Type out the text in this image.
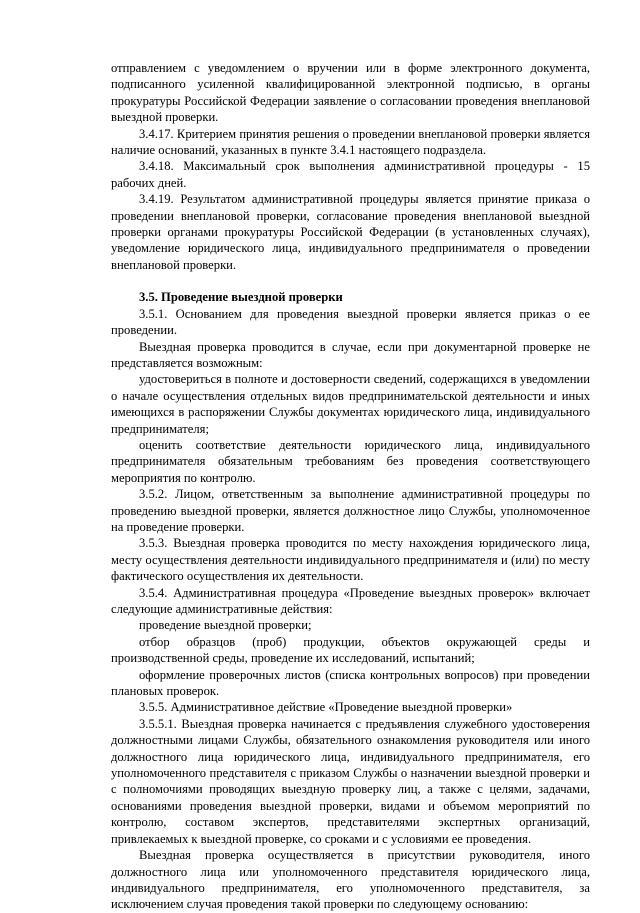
отправлением с уведомлением о вручении или в форме электронного документа, подписанного усиленной квалифицированной электронной подписью, в органы прокуратуры Российской Федерации заявление о согласовании проведения внеплановой выездной проверки.

3.4.17. Критерием принятия решения о проведении внеплановой проверки является наличие оснований, указанных в пункте 3.4.1 настоящего подраздела.

3.4.18. Максимальный срок выполнения административной процедуры - 15 рабочих дней.

3.4.19. Результатом административной процедуры является принятие приказа о проведении внеплановой проверки, согласование проведения внеплановой выездной проверки органами прокуратуры Российской Федерации (в установленных случаях), уведомление юридического лица, индивидуального предпринимателя о проведении внеплановой проверки.

3.5. Проведение выездной проверки

3.5.1. Основанием для проведения выездной проверки является приказ о ее проведении.

Выездная проверка проводится в случае, если при документарной проверке не представляется возможным:

удостовериться в полноте и достоверности сведений, содержащихся в уведомлении о начале осуществления отдельных видов предпринимательской деятельности и иных имеющихся в распоряжении Службы документах юридического лица, индивидуального предпринимателя;

оценить соответствие деятельности юридического лица, индивидуального предпринимателя обязательным требованиям без проведения соответствующего мероприятия по контролю.

3.5.2. Лицом, ответственным за выполнение административной процедуры по проведению выездной проверки, является должностное лицо Службы, уполномоченное на проведение проверки.

3.5.3. Выездная проверка проводится по месту нахождения юридического лица, месту осуществления деятельности индивидуального предпринимателя и (или) по месту фактического осуществления их деятельности.

3.5.4. Административная процедура «Проведение выездных проверок» включает следующие административные действия:

проведение выездной проверки;

отбор образцов (проб) продукции, объектов окружающей среды и производственной среды, проведение их исследований, испытаний;

оформление проверочных листов (списка контрольных вопросов) при проведении плановых проверок.

3.5.5. Административное действие «Проведение выездной проверки»

3.5.5.1. Выездная проверка начинается с предъявления служебного удостоверения должностными лицами Службы, обязательного ознакомления руководителя или иного должностного лица юридического лица, индивидуального предпринимателя, его уполномоченного представителя с приказом Службы о назначении выездной проверки и с полномочиями проводящих выездную проверку лиц, а также с целями, задачами, основаниями проведения выездной проверки, видами и объемом мероприятий по контролю, составом экспертов, представителями экспертных организаций, привлекаемых к выездной проверке, со сроками и с условиями ее проведения.

Выездная проверка осуществляется в присутствии руководителя, иного должностного лица или уполномоченного представителя юридического лица, индивидуального предпринимателя, его уполномоченного представителя, за исключением случая проведения такой проверки по следующему основанию:
